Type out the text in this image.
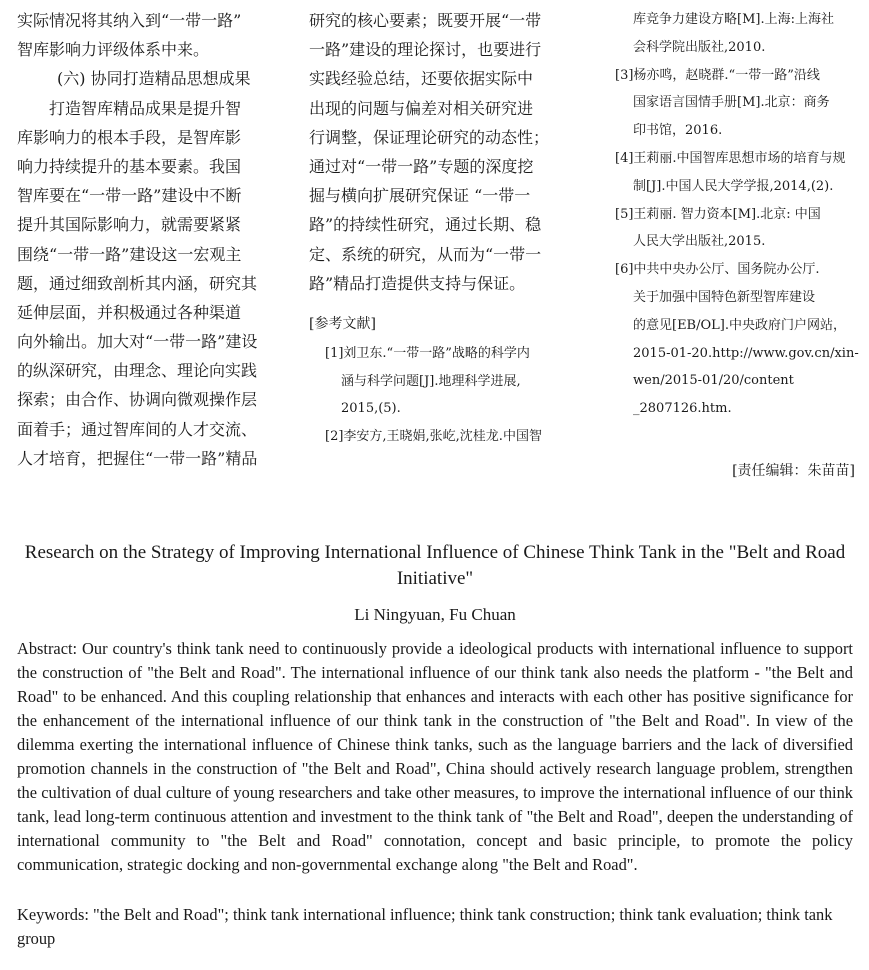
实际情况将其纳入到“一带一路”
智库影响力评级体系中来。
(六) 协同打造精品思想成果
打造智库精品成果是提升智
库影响力的根本手段，是智库影
响力持续提升的基本要素。我国
智库要在“一带一路”建设中不断
提升其国际影响力，就需要紧紧
围绕“一带一路”建设这一宏观主
题，通过细致剖析其内涵，研究其
延伸层面，并积极通过各种渠道
向外输出。加大对“一带一路”建设
的纵深研究，由理念、理论向实践
探索；由合作、协调向微观操作层
面着手；通过智库间的人才交流、
人才培育，把握住“一带一路”精品
研究的核心要素；既要开展“一带
一路”建设的理论探讨，也要进行
实践经验总结，还要依据实际中
出现的问题与偏差对相关研究进
行调整，保证理论研究的动态性；
通过对“一带一路”专题的深度挖
掘与横向扩展研究保证 “一带一
路”的持续性研究，通过长期、稳
定、系统的研究，从而为“一带一
路”精品打造提供支持与保证。
[参考文献]
[1]刘卫东.“一带一路”战略的科学内
涵与科学问题[J].地理科学进展,
2015,(5).
[2]李安方,王晓娟,张屹,沈桂龙.中国智
库竞争力建设方略[M].上海:上海社
会科学院出版社,2010.
[3]杨亦鸣，赵晓群.“一带一路”沿线
国家语言国情手册[M].北京：商务
印书馆，2016.
[4]王莉丽.中国智库思想市场的培育与规
制[J].中国人民大学学报,2014,(2).
[5]王莉丽. 智力资本[M].北京: 中国
人民大学出版社,2015.
[6]中共中央办公厅、国务院办公厅.
关于加强中国特色新型智库建设
的意见[EB/OL].中央政府门户网站，
2015-01-20.http://www.gov.cn/xin-
wen/2015-01/20/content
_2807126.htm.
[责任编辑：朱苗苗]
Research on the Strategy of Improving International Influence of Chinese Think Tank in the "Belt and Road Initiative"
Li Ningyuan, Fu Chuan
Abstract: Our country's think tank need to continuously provide a ideological products with international influence to support the construction of "the Belt and Road". The international influence of our think tank also needs the platform - "the Belt and Road" to be enhanced. And this coupling relationship that enhances and interacts with each other has positive significance for the enhancement of the international influence of our think tank in the construction of "the Belt and Road". In view of the dilemma exerting the international influence of Chinese think tanks, such as the language barriers and the lack of diversified promotion channels in the construction of "the Belt and Road", China should actively research language problem, strengthen the cultivation of dual culture of young researchers and take other measures, to improve the international influence of our think tank, lead long-term continuous attention and investment to the think tank of "the Belt and Road", deepen the understanding of international community to "the Belt and Road" connotation, concept and basic principle, to promote the policy communication, strategic docking and non-governmental exchange along "the Belt and Road".
Keywords: "the Belt and Road"; think tank international influence; think tank construction; think tank evaluation; think tank group
